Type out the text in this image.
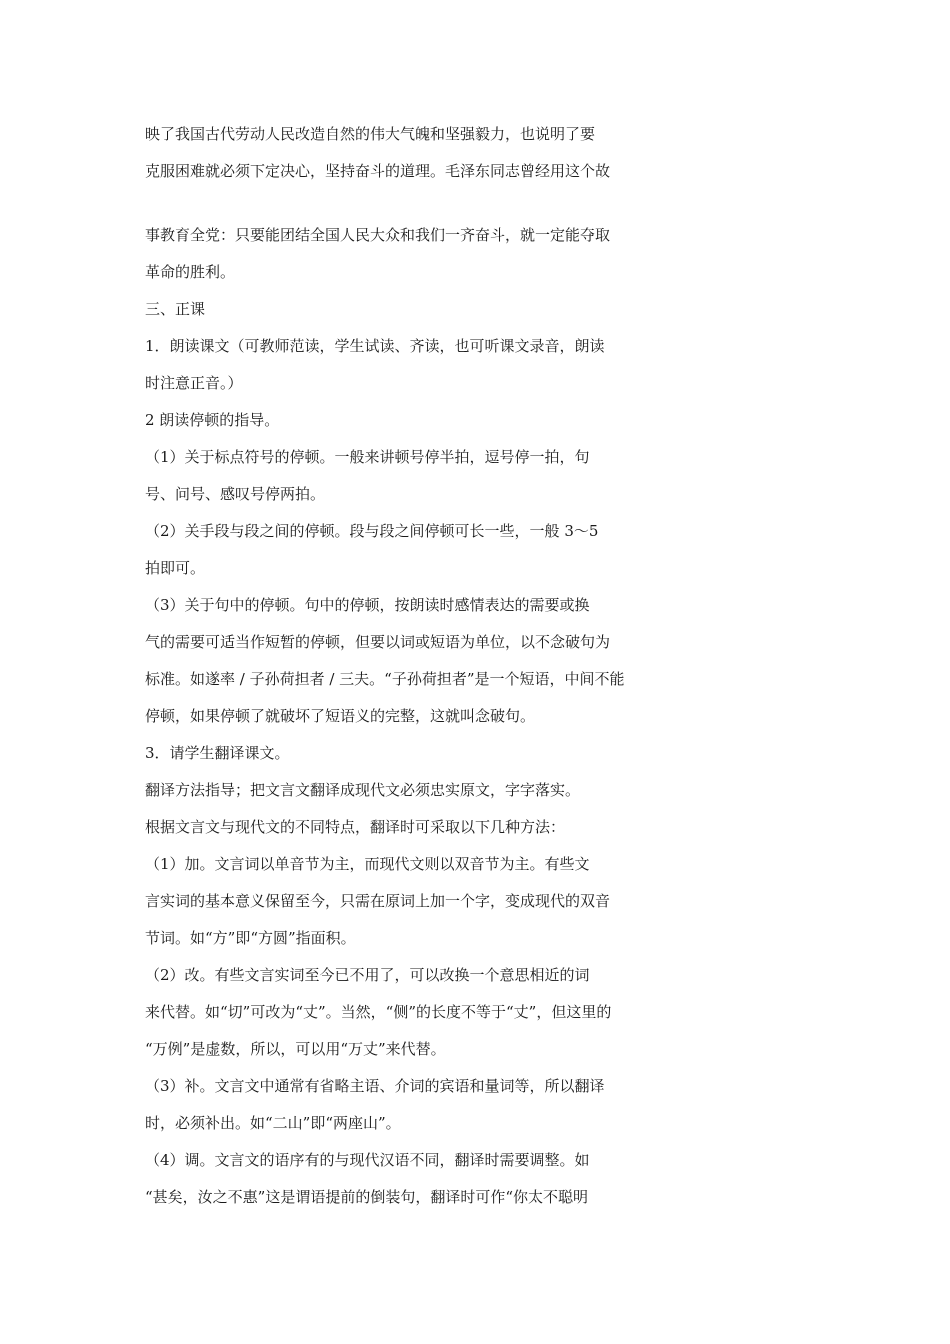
映了我国古代劳动人民改造自然的伟大气魄和坚强毅力，也说明了要

克服困难就必须下定决心，坚持奋斗的道理。毛泽东同志曾经用这个故

事教育全党：只要能团结全国人民大众和我们一齐奋斗，就一定能夺取

革命的胜利。

三、正课

1．朗读课文（可教师范读，学生试读、齐读，也可听课文录音，朗读

时注意正音。）

2 朗读停顿的指导。

（1）关于标点符号的停顿。一般来讲顿号停半拍，逗号停一拍，句

号、问号、感叹号停两拍。

（2）关手段与段之间的停顿。段与段之间停顿可长一些，一般 3～5

拍即可。

（3）关于句中的停顿。句中的停顿，按朗读时感情表达的需要或换

气的需要可适当作短暂的停顿，但要以词或短语为单位，以不念破句为

标准。如遂率 / 子孙荷担者 / 三夫。“子孙荷担者”是一个短语，中间不能

停顿，如果停顿了就破坏了短语义的完整，这就叫念破句。

3．请学生翻译课文。

翻译方法指导；把文言文翻译成现代文必须忠实原文，字字落实。

根据文言文与现代文的不同特点，翻译时可采取以下几种方法：

（1）加。文言词以单音节为主，而现代文则以双音节为主。有些文

言实词的基本意义保留至今，只需在原词上加一个字，变成现代的双音

节词。如“方”即“方圆”指面积。

（2）改。有些文言实词至今已不用了，可以改换一个意思相近的词

来代替。如“切”可改为“丈”。当然，“侧”的长度不等于“丈”，但这里的

“万例”是虚数，所以，可以用“万丈”来代替。

（3）补。文言文中通常有省略主语、介词的宾语和量词等，所以翻译

时，必须补出。如“二山”即“两座山”。

（4）调。文言文的语序有的与现代汉语不同，翻译时需要调整。如

“甚矣，汝之不惠”这是谓语提前的倒装句，翻译时可作“你太不聪明
